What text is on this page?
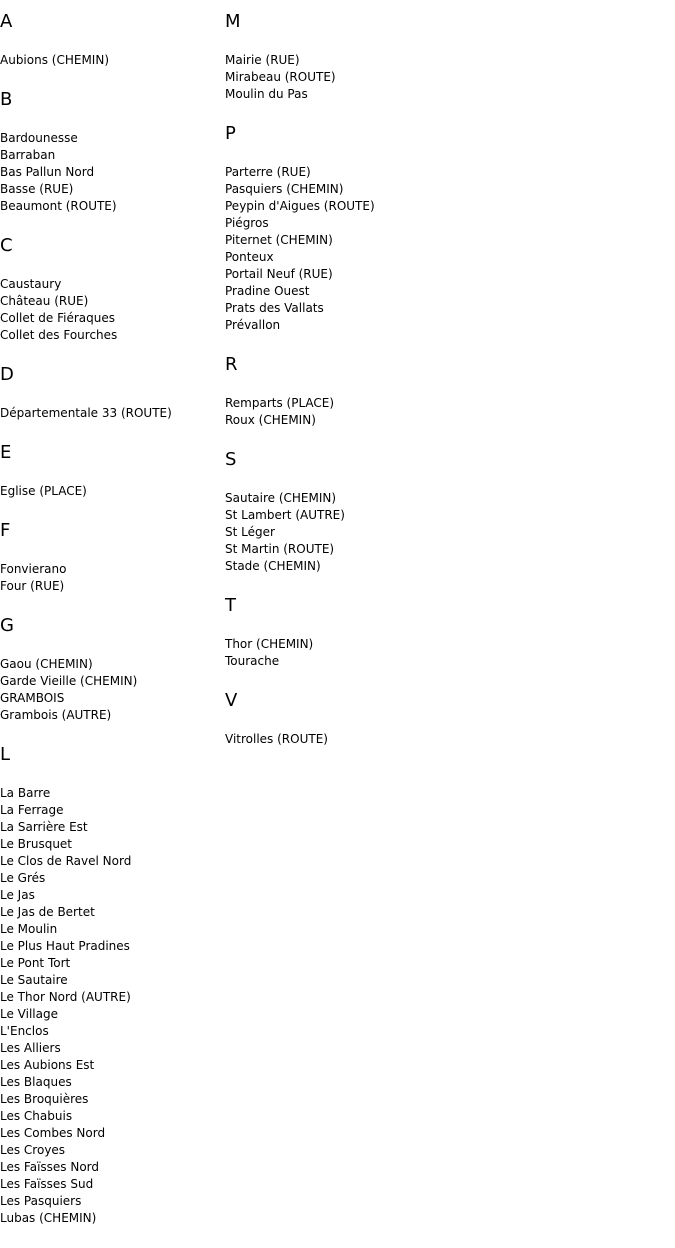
A
Aubions (CHEMIN)
B
Bardounesse
Barraban
Bas Pallun Nord
Basse (RUE)
Beaumont (ROUTE)
C
Caustaury
Château (RUE)
Collet de Fiéraques
Collet des Fourches
D
Départementale 33 (ROUTE)
E
Eglise (PLACE)
F
Fonvierano
Four (RUE)
G
Gaou (CHEMIN)
Garde Vieille (CHEMIN)
GRAMBOIS
Grambois (AUTRE)
L
La Barre
La Ferrage
La Sarrière Est
Le Brusquet
Le Clos de Ravel Nord
Le Grés
Le Jas
Le Jas de Bertet
Le Moulin
Le Plus Haut Pradines
Le Pont Tort
Le Sautaire
Le Thor Nord (AUTRE)
Le Village
L'Enclos
Les Alliers
Les Aubions Est
Les Blaques
Les Broquières
Les Chabuis
Les Combes Nord
Les Croyes
Les Faïsses Nord
Les Faïsses Sud
Les Pasquiers
Lubas (CHEMIN)
M
Mairie (RUE)
Mirabeau (ROUTE)
Moulin du Pas
P
Parterre (RUE)
Pasquiers (CHEMIN)
Peypin d'Aigues (ROUTE)
Piégros
Piternet (CHEMIN)
Ponteux
Portail Neuf (RUE)
Pradine Ouest
Prats des Vallats
Prévallon
R
Remparts (PLACE)
Roux (CHEMIN)
S
Sautaire (CHEMIN)
St Lambert (AUTRE)
St Léger
St Martin (ROUTE)
Stade (CHEMIN)
T
Thor (CHEMIN)
Tourache
V
Vitrolles (ROUTE)
